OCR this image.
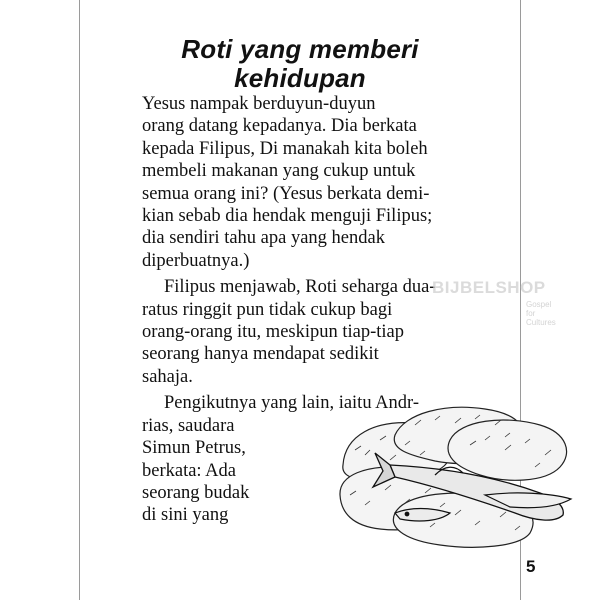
Roti yang memberi
kehidupan

Yesus nampak berduyun-duyun
orang datang kepadanya. Dia berkata
kepada Filipus, Di manakah kita boleh
membeli makanan yang cukup untuk
semua orang ini? (Yesus berkata demi-
kian sebab dia hendak menguji Filipus;
dia sendiri tahu apa yang hendak
diperbuatnya.)

Filipus menjawab, Roti seharga dua-
ratus ringgit pun tidak cukup bagi
orang-orang itu, meskipun tiap-tiap
seorang hanya mendapat sedikit
sahaja.

Pengikutnya yang lain, iaitu Andr-
rias, saudara
Simun Petrus,
berkata: Ada
seorang budak
di sini yang

BIJBELSHOP
Gospel for Cultures
5
